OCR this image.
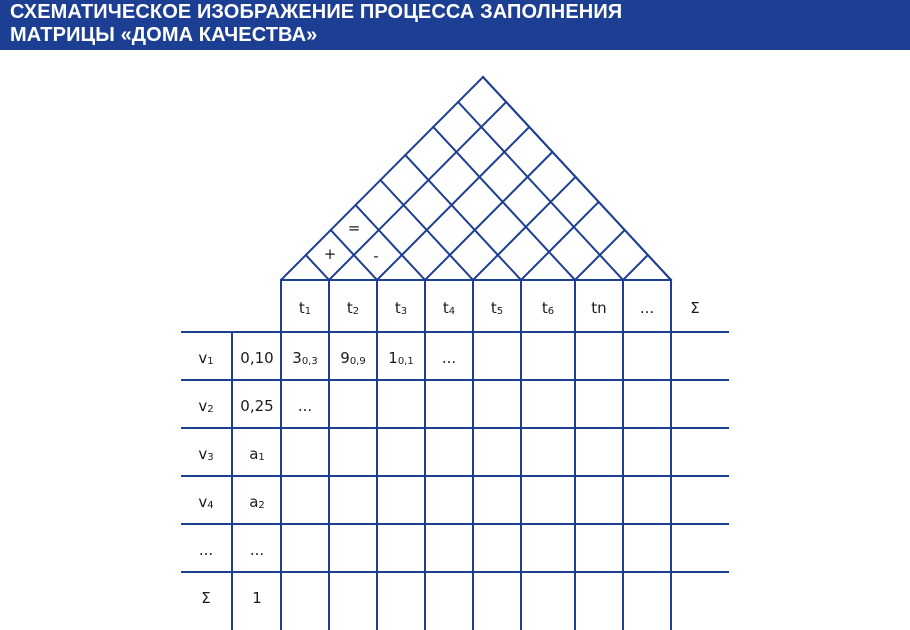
СХЕМАТИЧЕСКОЕ ИЗОБРАЖЕНИЕ ПРОЦЕССА ЗАПОЛНЕНИЯ
МАТРИЦЫ «ДОМА КАЧЕСТВА»
+
=
-
$t_1$ $t_2$ $t_3$ $t_4$ $t_5$	$t_6$ tn ... Σ
$v_1$ 0,10 $3_{0,3}$ $9_{0,9}$ $1_{0,1}$ ...
$v_2$ 0,25 ...
$v_3$ $a_1$
$v_4$ $a_2$
... ...
Σ	1
